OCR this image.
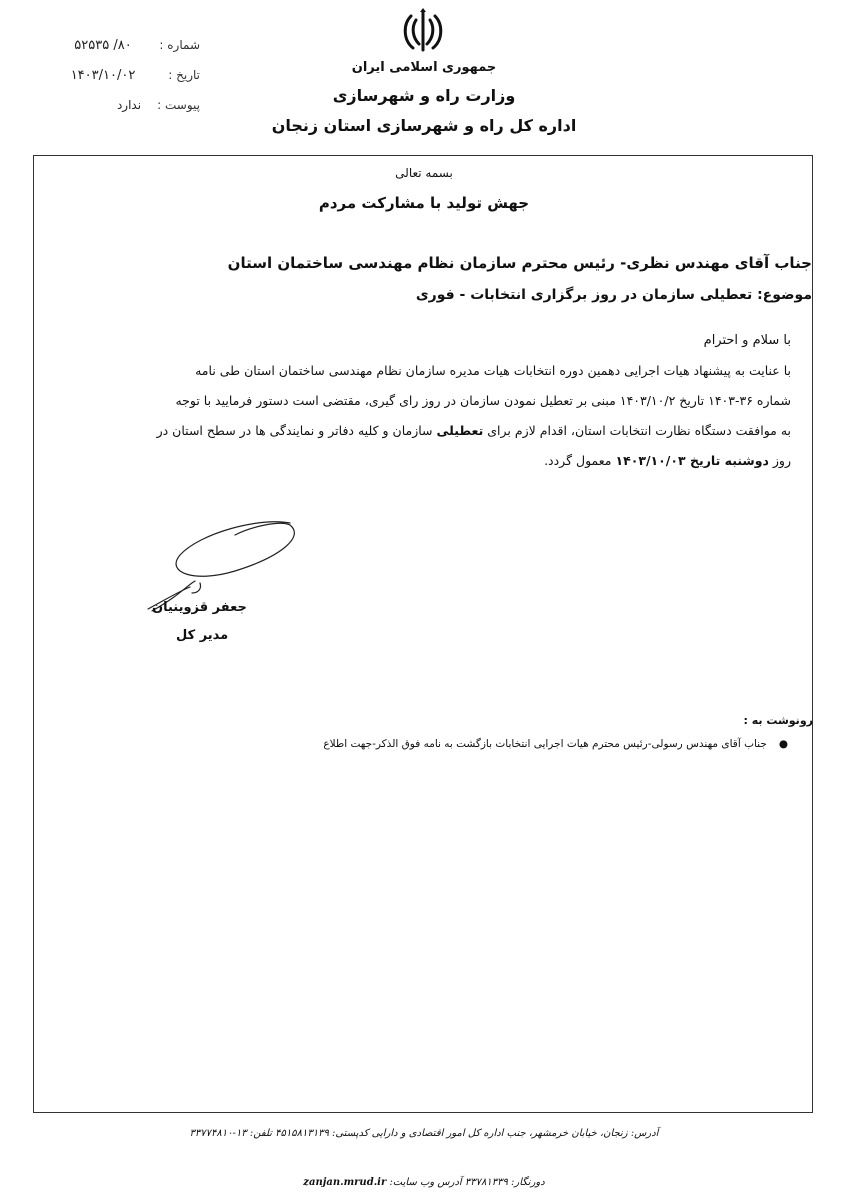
شماره :
۸۰/ ۵۲۵۳۵
تاریخ :
۱۴۰۳/۱۰/۰۲
پیوست :
ندارد
جمهوری اسلامی ایران
وزارت راه و شهرسازی
اداره کل راه و شهرسازی استان زنجان
بسمه تعالی
جهش تولید با مشارکت مردم
جناب آقای مهندس نظری- رئیس محترم سازمان نظام مهندسی ساختمان استان
موضوع: تعطیلی سازمان در روز برگزاری انتخابات - فوری
با سلام و احترام
با عنایت به پیشنهاد هیات اجرایی دهمین دوره انتخابات هیات مدیره سازمان نظام مهندسی ساختمان استان طی نامه
شماره ۳۶-۱۴۰۳ تاریخ ۱۴۰۳/۱۰/۲ مبنی بر تعطیل نمودن سازمان در روز رای گیری، مقتضی است دستور فرمایید با توجه
به موافقت دستگاه نظارت انتخابات استان، اقدام لازم برای تعطیلی سازمان و کلیه دفاتر و نمایندگی ها در سطح استان در
روز دوشنبه تاریخ ۱۴۰۳/۱۰/۰۳ معمول گردد.
جعفر قزوینیان
مدیر کل
رونوشت به :
●جناب آقای مهندس رسولی-رئیس محترم هیات اجرایی انتخابات بازگشت به نامه فوق الذکر-جهت اطلاع
آدرس: زنجان، خیابان خرمشهر، جنب اداره کل امور اقتصادی و دارایی کدپستی: ۴۵۱۵۸۱۳۱۳۹ تلفن: ۱۳-۳۳۷۷۴۸۱۰
دورنگار: ۳۳۷۸۱۳۳۹ آدرس وب سایت: zanjan.mrud.ir
